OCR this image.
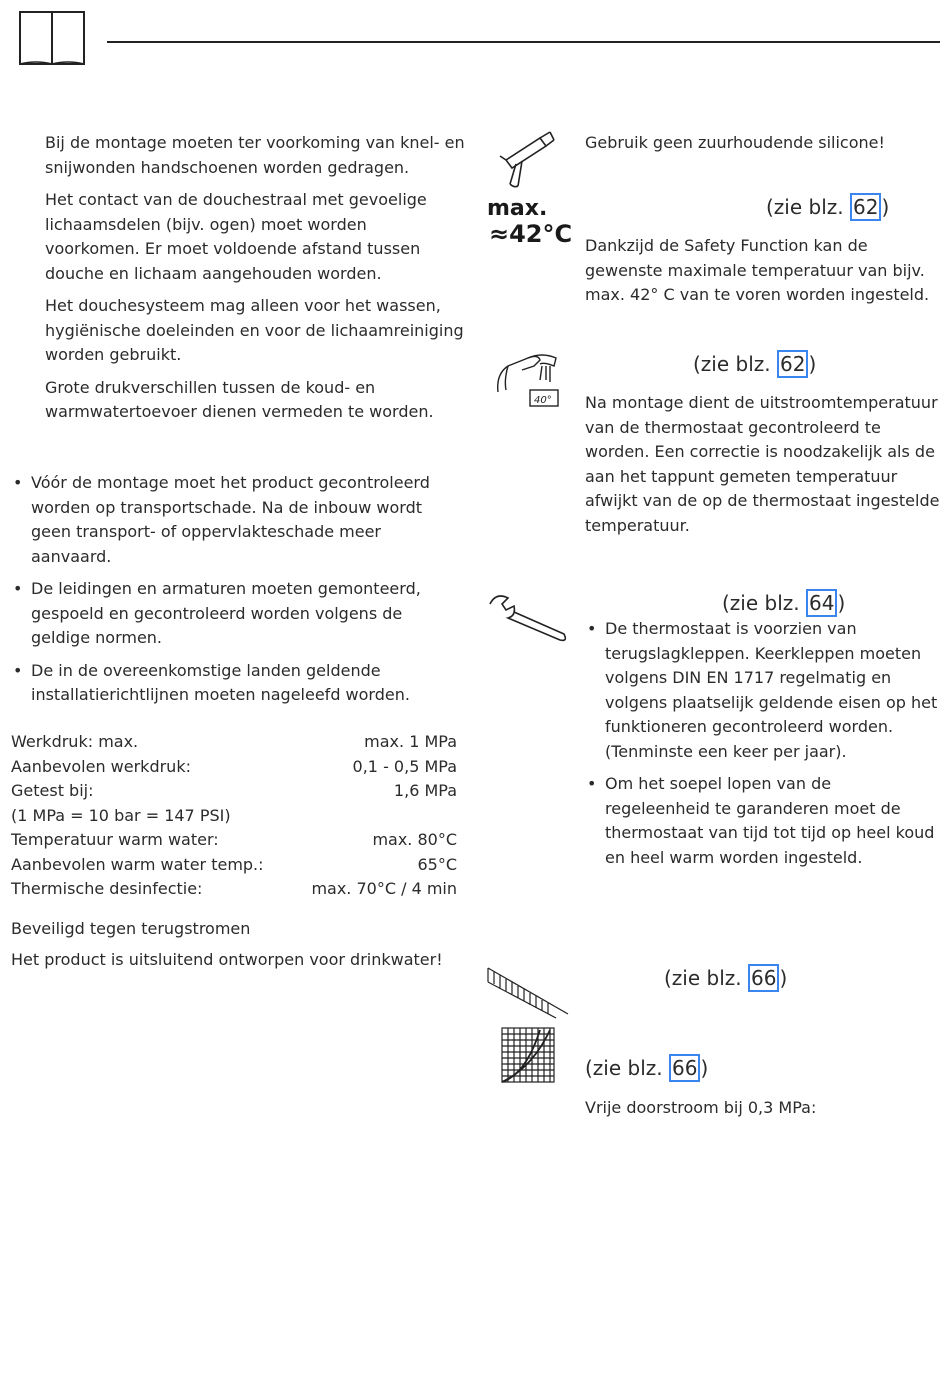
Bij de montage moeten ter voorkoming van knel- en snijwonden handschoenen worden gedragen.

Het contact van de douchestraal met gevoelige lichaamsdelen (bijv. ogen) moet worden voorkomen. Er moet voldoende afstand tussen douche en lichaam aangehouden worden.

Het douchesysteem mag alleen voor het wassen, hygiënische doeleinden en voor de lichaamreiniging worden gebruikt.

Grote drukverschillen tussen de koud- en warmwatertoevoer dienen vermeden te worden.

• Vóór de montage moet het product gecontroleerd worden op transportschade. Na de inbouw wordt geen transport- of oppervlakteschade meer aanvaard.
• De leidingen en armaturen moeten gemonteerd, gespoeld en gecontroleerd worden volgens de geldige normen.
• De in de overeenkomstige landen geldende installatierichtlijnen moeten nageleefd worden.
Werkdruk: max.	max. 1 MPa
Aanbevolen werkdruk:	0,1 - 0,5 MPa
Getest bij:	1,6 MPa
(1 MPa = 10 bar = 147 PSI)
Temperatuur warm water:	max. 80°C
Aanbevolen warm water temp.:	65°C
Thermische desinfectie:	max. 70°C / 4 min
Beveiligd tegen terugstromen
Het product is uitsluitend ontworpen voor drinkwater!
max.
≈42°C
Gebruik geen zuurhoudende silicone!
(zie blz. 62 )
Dankzijd de Safety Function kan de gewenste maximale temperatuur van bijv. max. 42° C van te voren worden ingesteld.
40°
(zie blz. 62 )
Na montage dient de uitstroomtemperatuur van de thermostaat gecontroleerd te worden. Een correctie is noodzakelijk als de aan het tappunt gemeten temperatuur afwijkt van de op de thermostaat ingestelde temperatuur.
(zie blz. 64 )
• De thermostaat is voorzien van terugslagkleppen. Keerkleppen moeten volgens DIN EN 1717 regelmatig en volgens plaatselijk geldende eisen op het funktioneren gecontroleerd worden. (Tenminste een keer per jaar).
• Om het soepel lopen van de regeleenheid te garanderen moet de thermostaat van tijd tot tijd op heel koud en heel warm worden ingesteld.
(zie blz. 66 )
(zie blz. 66 )
Vrije doorstroom bij 0,3 MPa:
